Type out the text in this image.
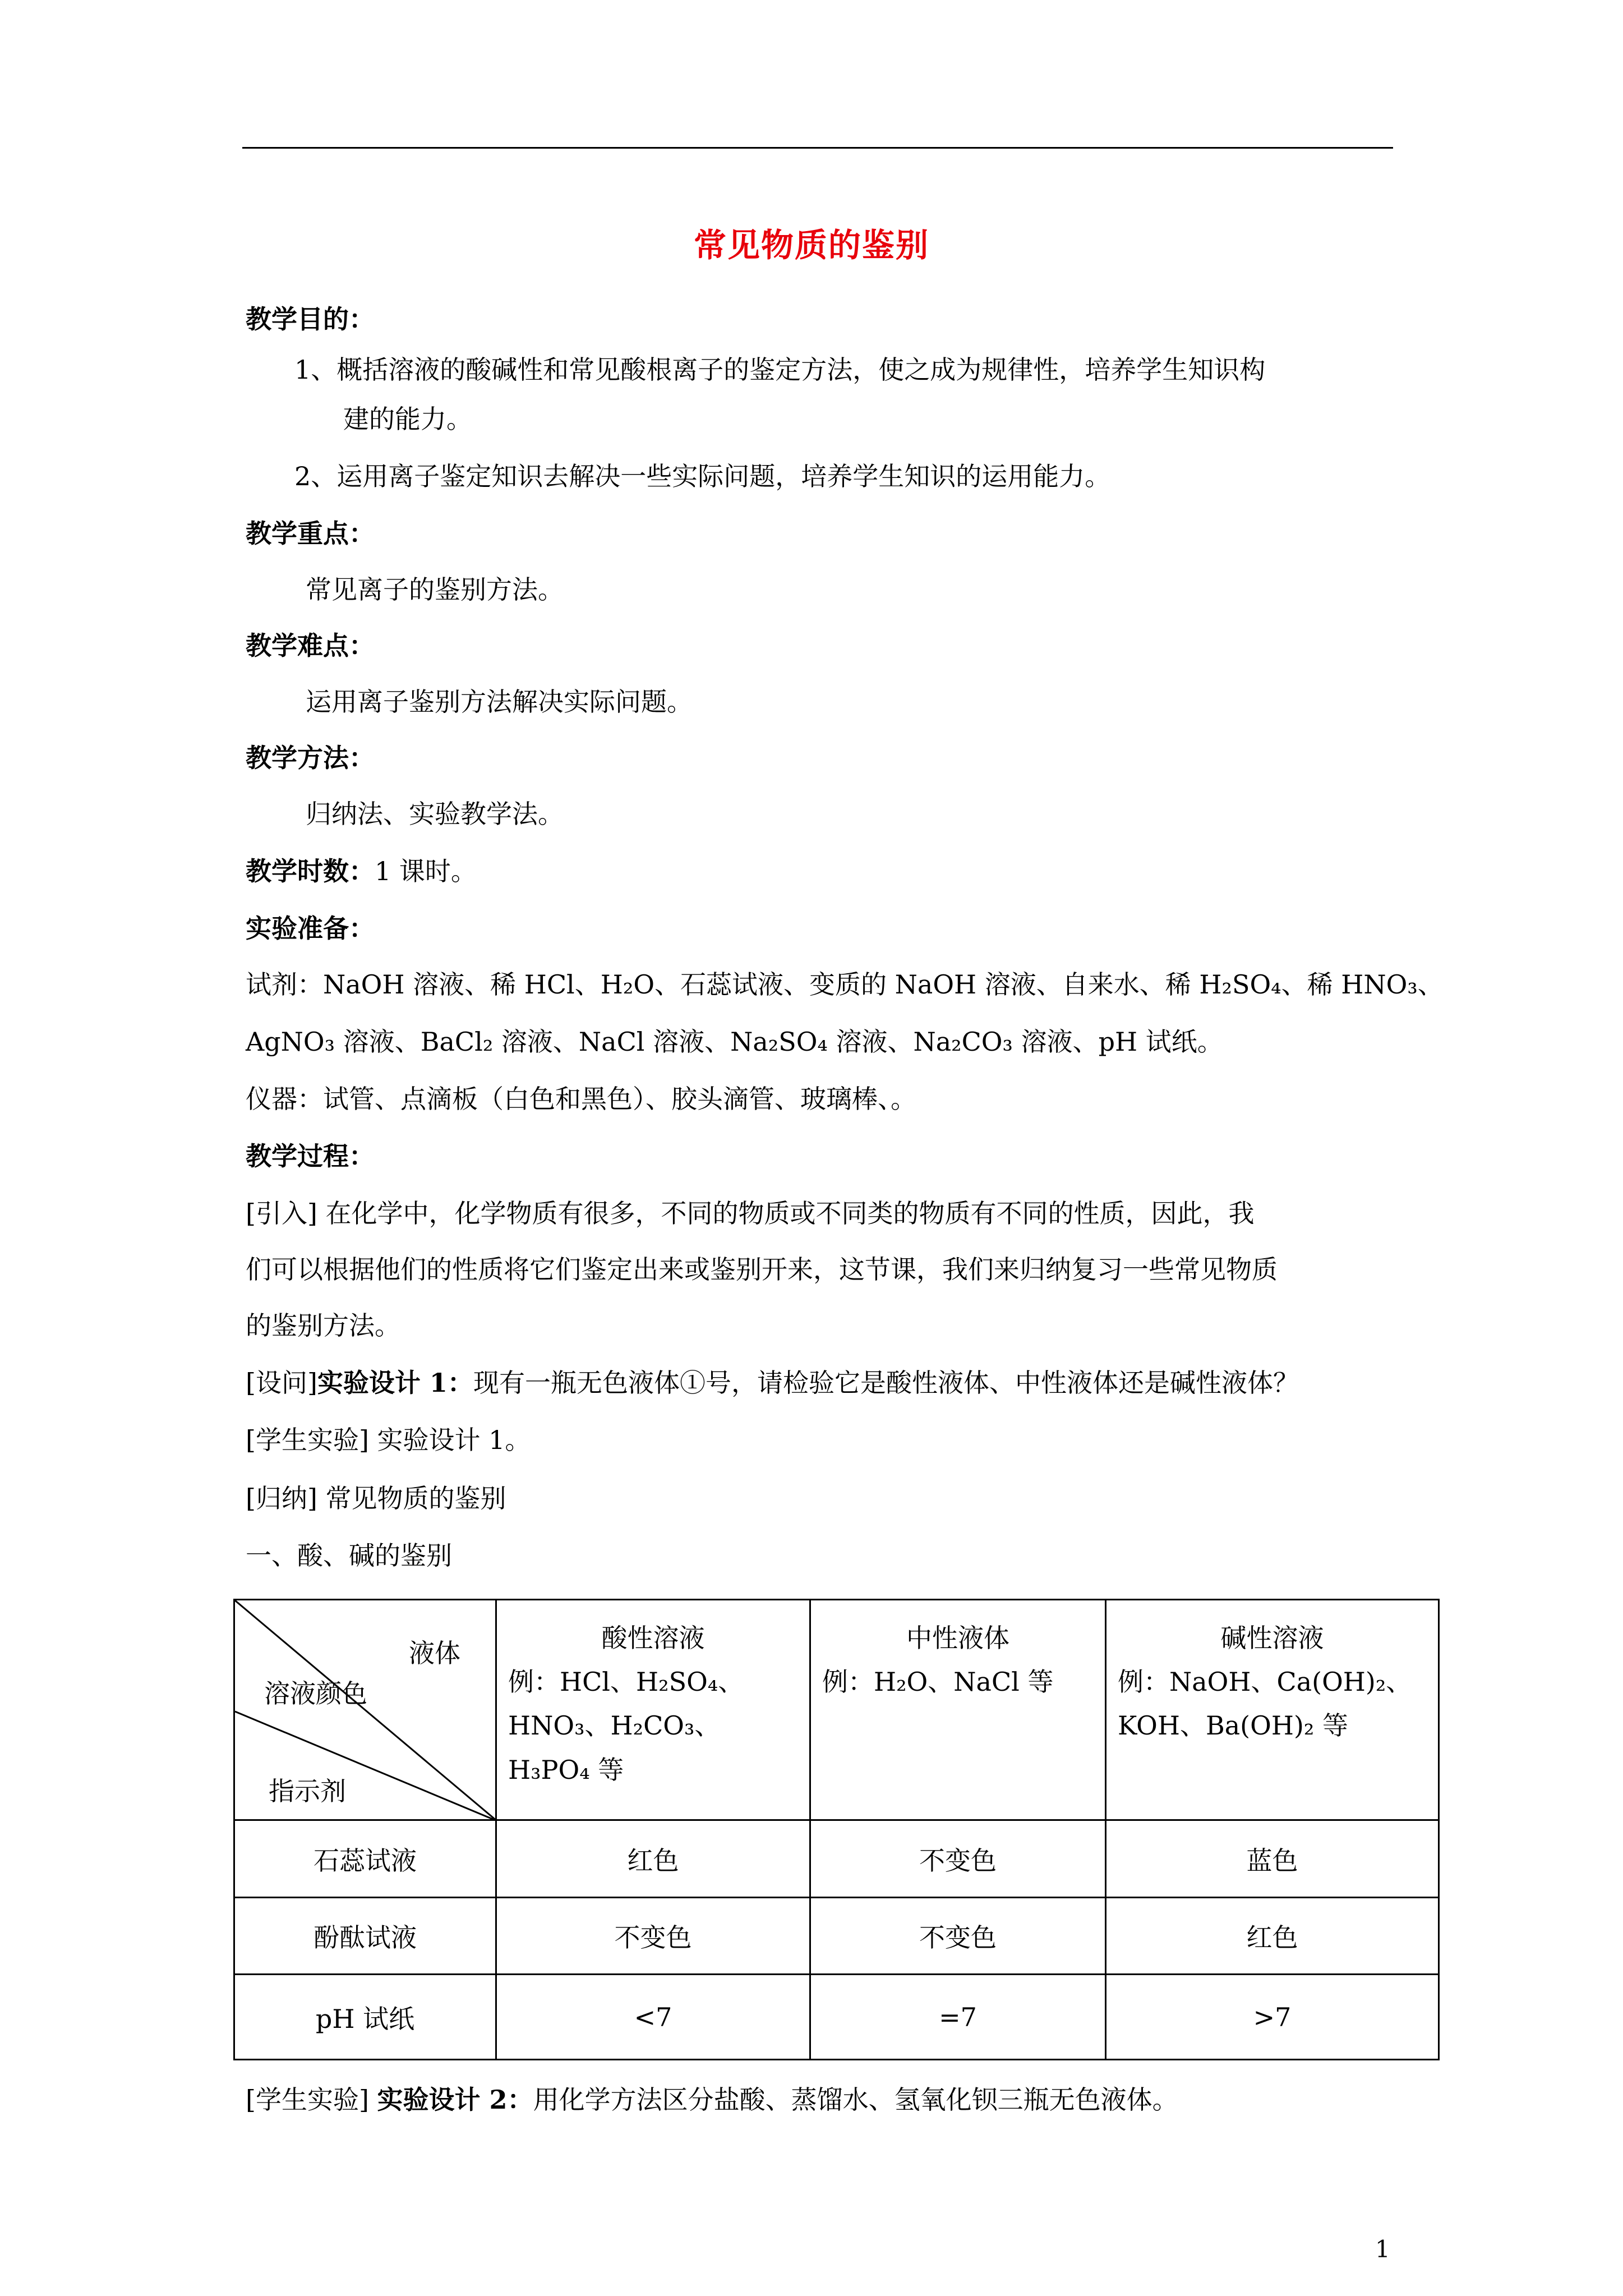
常见物质的鉴别
教学目的：
1、概括溶液的酸碱性和常见酸根离子的鉴定方法，使之成为规律性，培养学生知识构
建的能力。
2、运用离子鉴定知识去解决一些实际问题，培养学生知识的运用能力。
教学重点：
常见离子的鉴别方法。
教学难点：
运用离子鉴别方法解决实际问题。
教学方法：
归纳法、实验教学法。
教学时数：1 课时。
实验准备：
试剂：NaOH 溶液、稀 HCl、H₂O、石蕊试液、变质的 NaOH 溶液、自来水、稀 H₂SO₄、稀 HNO₃、
AgNO₃ 溶液、BaCl₂ 溶液、NaCl 溶液、Na₂SO₄ 溶液、Na₂CO₃ 溶液、pH 试纸。
仪器：试管、点滴板（白色和黑色）、胶头滴管、玻璃棒、。
教学过程：
[引入] 在化学中，化学物质有很多，不同的物质或不同类的物质有不同的性质，因此，我
们可以根据他们的性质将它们鉴定出来或鉴别开来，这节课，我们来归纳复习一些常见物质
的鉴别方法。
[设问]实验设计 1：现有一瓶无色液体①号，请检验它是酸性液体、中性液体还是碱性液体？
[学生实验] 实验设计 1。
[归纳] 常见物质的鉴别
一、酸、碱的鉴别
液体
溶液颜色
指示剂	酸性溶液
例：HCl、H₂SO₄、HNO₃、H₂CO₃、H₃PO₄ 等	中性液体
例：H₂O、NaCl 等	碱性溶液
例：NaOH、Ca(OH)₂、KOH、Ba(OH)₂ 等
石蕊试液	红色	不变色	蓝色
酚酞试液	不变色	不变色	红色
pH 试纸	<7	=7	>7
[学生实验] 实验设计 2：用化学方法区分盐酸、蒸馏水、氢氧化钡三瓶无色液体。
1
